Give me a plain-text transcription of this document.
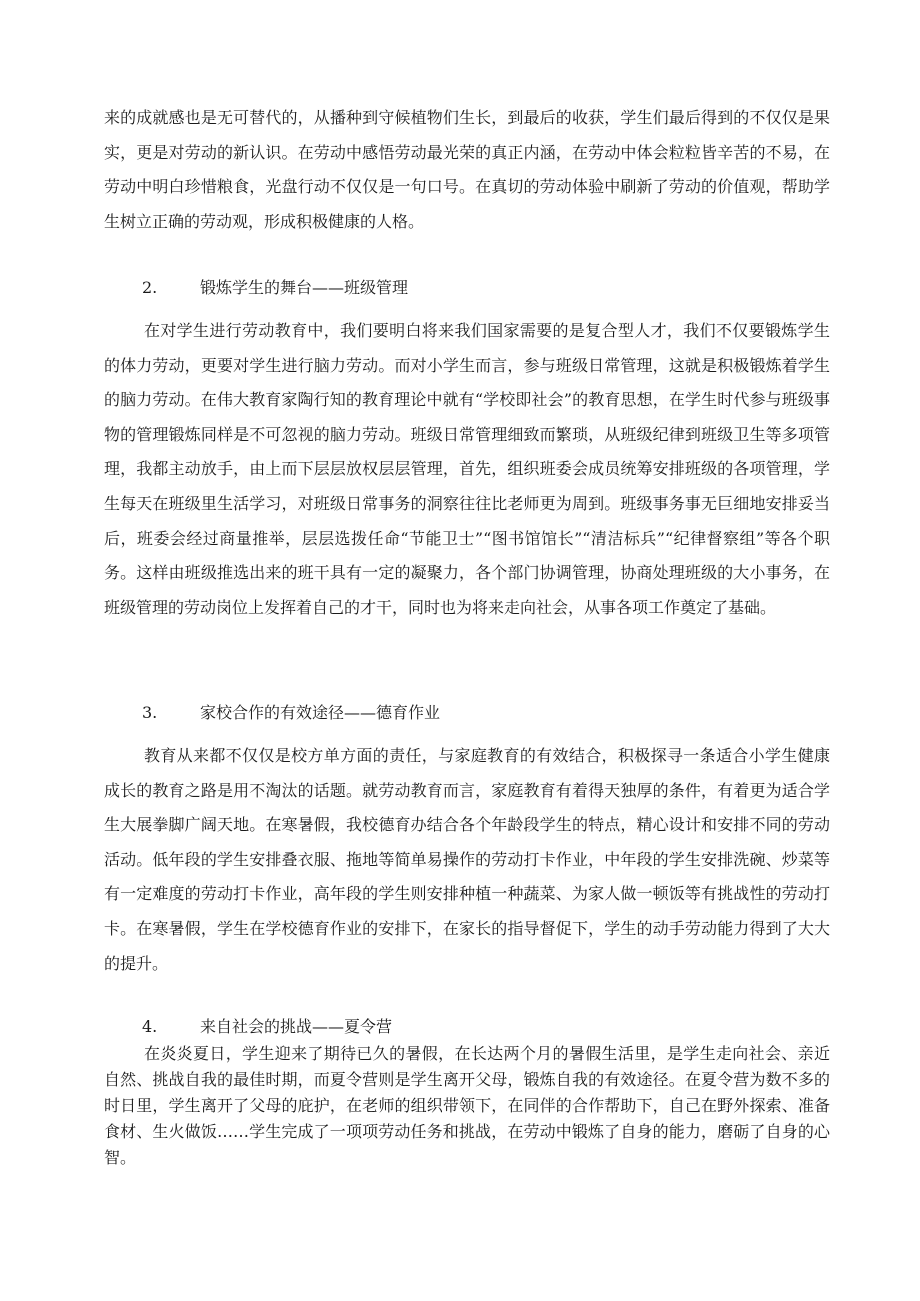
来的成就感也是无可替代的，从播种到守候植物们生长，到最后的收获，学生们最后得到的不仅仅是果实，更是对劳动的新认识。在劳动中感悟劳动最光荣的真正内涵，在劳动中体会粒粒皆辛苦的不易，在劳动中明白珍惜粮食，光盘行动不仅仅是一句口号。在真切的劳动体验中刷新了劳动的价值观，帮助学生树立正确的劳动观，形成积极健康的人格。

2.	锻炼学生的舞台——班级管理

在对学生进行劳动教育中，我们要明白将来我们国家需要的是复合型人才，我们不仅要锻炼学生的体力劳动，更要对学生进行脑力劳动。而对小学生而言，参与班级日常管理，这就是积极锻炼着学生的脑力劳动。在伟大教育家陶行知的教育理论中就有“学校即社会”的教育思想，在学生时代参与班级事物的管理锻炼同样是不可忽视的脑力劳动。班级日常管理细致而繁琐，从班级纪律到班级卫生等多项管理，我都主动放手，由上而下层层放权层层管理，首先，组织班委会成员统筹安排班级的各项管理，学生每天在班级里生活学习，对班级日常事务的洞察往往比老师更为周到。班级事务事无巨细地安排妥当后，班委会经过商量推举，层层选拨任命“节能卫士”“图书馆馆长”“清洁标兵”“纪律督察组”等各个职务。这样由班级推选出来的班干具有一定的凝聚力，各个部门协调管理，协商处理班级的大小事务，在班级管理的劳动岗位上发挥着自己的才干，同时也为将来走向社会，从事各项工作奠定了基础。

3.	家校合作的有效途径——德育作业

教育从来都不仅仅是校方单方面的责任，与家庭教育的有效结合，积极探寻一条适合小学生健康成长的教育之路是用不淘汰的话题。就劳动教育而言，家庭教育有着得天独厚的条件，有着更为适合学生大展拳脚广阔天地。在寒暑假，我校德育办结合各个年龄段学生的特点，精心设计和安排不同的劳动活动。低年段的学生安排叠衣服、拖地等简单易操作的劳动打卡作业，中年段的学生安排洗碗、炒菜等有一定难度的劳动打卡作业，高年段的学生则安排种植一种蔬菜、为家人做一顿饭等有挑战性的劳动打卡。在寒暑假，学生在学校德育作业的安排下，在家长的指导督促下，学生的动手劳动能力得到了大大的提升。

4.	来自社会的挑战——夏令营

在炎炎夏日，学生迎来了期待已久的暑假，在长达两个月的暑假生活里，是学生走向社会、亲近自然、挑战自我的最佳时期，而夏令营则是学生离开父母，锻炼自我的有效途径。在夏令营为数不多的时日里，学生离开了父母的庇护，在老师的组织带领下，在同伴的合作帮助下，自己在野外探索、准备食材、生火做饭……学生完成了一项项劳动任务和挑战，在劳动中锻炼了自身的能力，磨砺了自身的心智。
